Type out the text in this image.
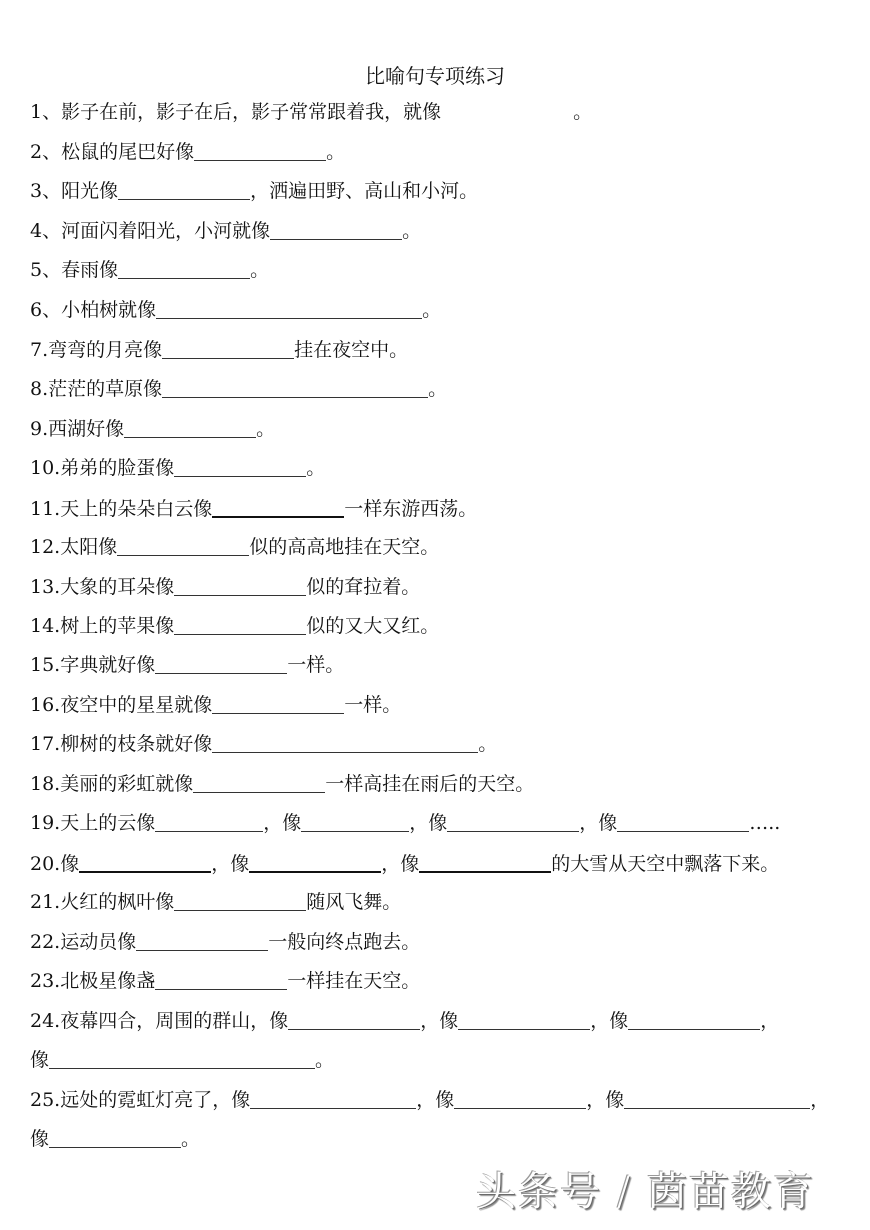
比喻句专项练习
1、影子在前，影子在后，影子常常跟着我，就像	。
2、松鼠的尾巴好像	。
3、阳光像	，洒遍田野、高山和小河。
4、河面闪着阳光，小河就像	。
5、春雨像	。
6、小柏树就像	。
7.弯弯的月亮像	挂在夜空中。
8.茫茫的草原像	。
9.西湖好像	。
10.弟弟的脸蛋像	。
11.天上的朵朵白云像	一样东游西荡。
12.太阳像	似的高高地挂在天空。
13.大象的耳朵像	似的耷拉着。
14.树上的苹果像	似的又大又红。
15.字典就好像	一样。
16.夜空中的星星就像	一样。
17.柳树的枝条就好像	。
18.美丽的彩虹就像	一样高挂在雨后的天空。
19.天上的云像	，像	，像	，像	…..
20.像	，像	，像	的大雪从天空中飘落下来。
21.火红的枫叶像	随风飞舞。
22.运动员像	一般向终点跑去。
23.北极星像盏	一样挂在天空。
24.夜幕四合，周围的群山，像	，像	，像	，
像	。
25.远处的霓虹灯亮了，像	，像	，像	，
像	。
头条号 / 茵苗教育
